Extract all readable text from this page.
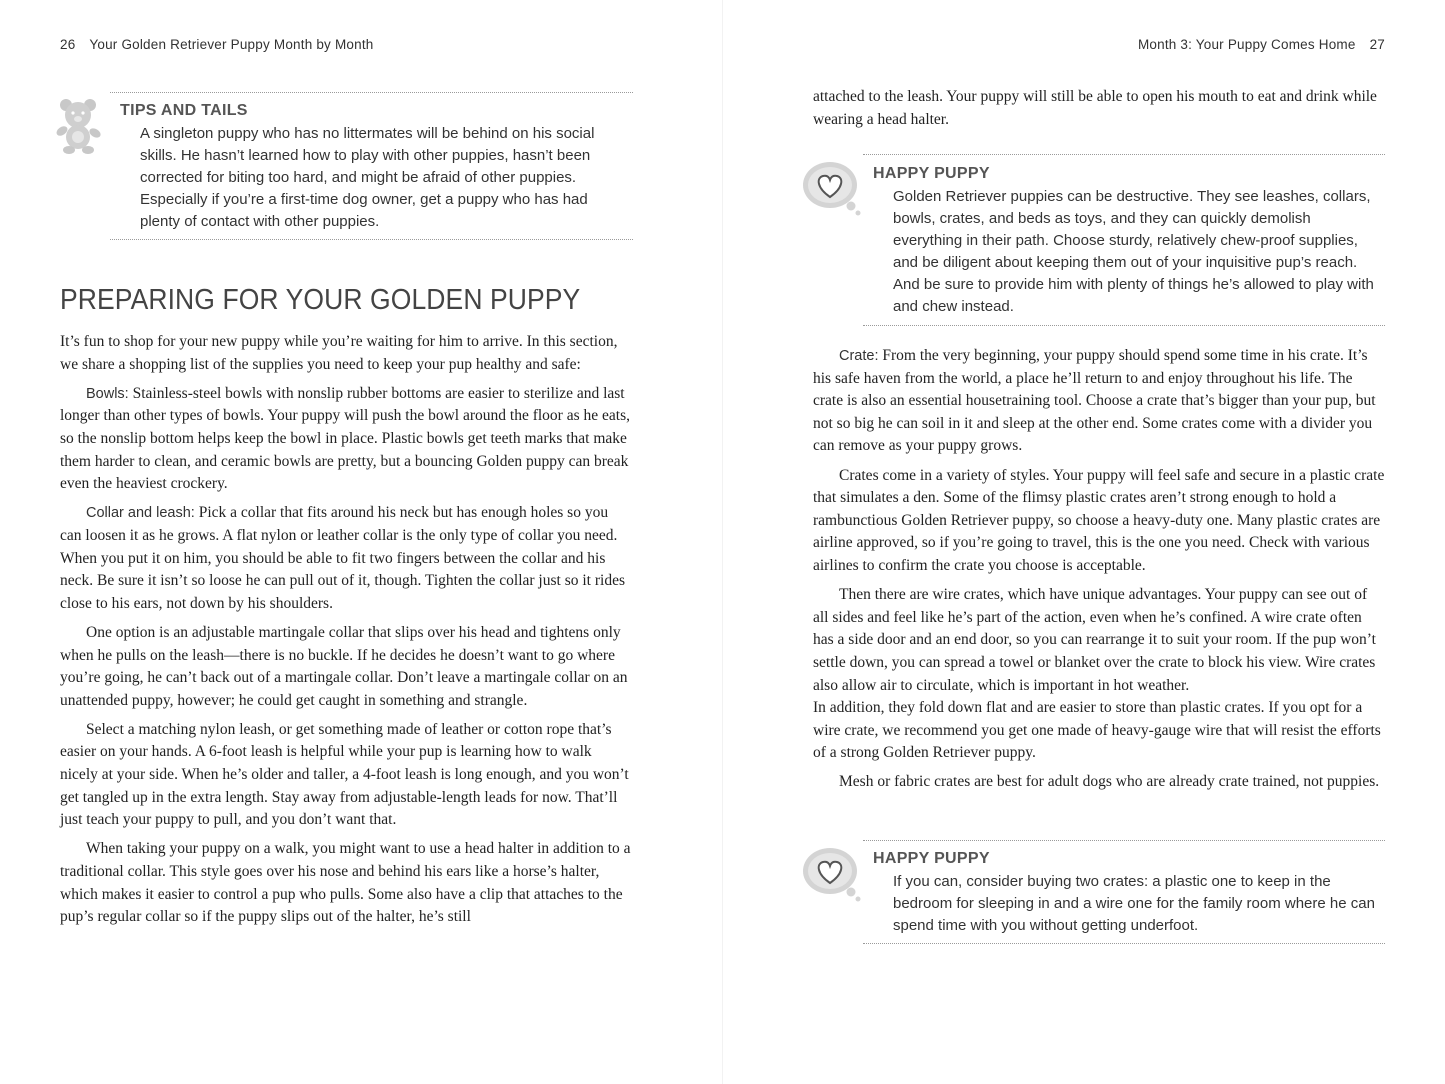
26 Your Golden Retriever Puppy Month by Month
TIPS AND TAILS
A singleton puppy who has no littermates will be behind on his social skills. He hasn’t learned how to play with other puppies, hasn’t been corrected for biting too hard, and might be afraid of other puppies. Especially if you’re a first-time dog owner, get a puppy who has had plenty of contact with other puppies.
PREPARING FOR YOUR GOLDEN PUPPY

It’s fun to shop for your new puppy while you’re waiting for him to arrive. In this section, we share a shopping list of the supplies you need to keep your pup healthy and safe:

Bowls: Stainless-steel bowls with nonslip rubber bottoms are easier to sterilize and last longer than other types of bowls. Your puppy will push the bowl around the floor as he eats, so the nonslip bottom helps keep the bowl in place. Plastic bowls get teeth marks that make them harder to clean, and ceramic bowls are pretty, but a bouncing Golden puppy can break even the heaviest crockery.

Collar and leash: Pick a collar that fits around his neck but has enough holes so you can loosen it as he grows. A flat nylon or leather collar is the only type of collar you need. When you put it on him, you should be able to fit two fingers between the collar and his neck. Be sure it isn’t so loose he can pull out of it, though. Tighten the collar just so it rides close to his ears, not down by his shoulders.

One option is an adjustable martingale collar that slips over his head and tightens only when he pulls on the leash—there is no buckle. If he decides he doesn’t want to go where you’re going, he can’t back out of a martingale collar. Don’t leave a martingale collar on an unattended puppy, however; he could get caught in something and strangle.

Select a matching nylon leash, or get something made of leather or cotton rope that’s easier on your hands. A 6-foot leash is helpful while your pup is learning how to walk nicely at your side. When he’s older and taller, a 4-foot leash is long enough, and you won’t get tangled up in the extra length. Stay away from adjustable-length leads for now. That’ll just teach your puppy to pull, and you don’t want that.

When taking your puppy on a walk, you might want to use a head halter in addition to a traditional collar. This style goes over his nose and behind his ears like a horse’s halter, which makes it easier to control a pup who pulls. Some also have a clip that attaches to the pup’s regular collar so if the puppy slips out of the halter, he’s still

Month 3: Your Puppy Comes Home 27

attached to the leash. Your puppy will still be able to open his mouth to eat and drink while wearing a head halter.

HAPPY PUPPY
Golden Retriever puppies can be destructive. They see leashes, collars, bowls, crates, and beds as toys, and they can quickly demolish everything in their path. Choose sturdy, relatively chew-proof supplies, and be diligent about keeping them out of your inquisitive pup’s reach. And be sure to provide him with plenty of things he’s allowed to play with and chew instead.

Crate: From the very beginning, your puppy should spend some time in his crate. It’s his safe haven from the world, a place he’ll return to and enjoy throughout his life. The crate is also an essential housetraining tool. Choose a crate that’s bigger than your pup, but not so big he can soil in it and sleep at the other end. Some crates come with a divider you can remove as your puppy grows.

Crates come in a variety of styles. Your puppy will feel safe and secure in a plastic crate that simulates a den. Some of the flimsy plastic crates aren’t strong enough to hold a rambunctious Golden Retriever puppy, so choose a heavy-duty one. Many plastic crates are airline approved, so if you’re going to travel, this is the one you need. Check with various airlines to confirm the crate you choose is acceptable.

Then there are wire crates, which have unique advantages. Your puppy can see out of all sides and feel like he’s part of the action, even when he’s confined. A wire crate often has a side door and an end door, so you can rearrange it to suit your room. If the pup won’t settle down, you can spread a towel or blanket over the crate to block his view. Wire crates also allow air to circulate, which is important in hot weather.

In addition, they fold down flat and are easier to store than plastic crates. If you opt for a wire crate, we recommend you get one made of heavy-gauge wire that will resist the efforts of a strong Golden Retriever puppy.

Mesh or fabric crates are best for adult dogs who are already crate trained, not puppies.

HAPPY PUPPY
If you can, consider buying two crates: a plastic one to keep in the bedroom for sleeping in and a wire one for the family room where he can spend time with you without getting underfoot.
